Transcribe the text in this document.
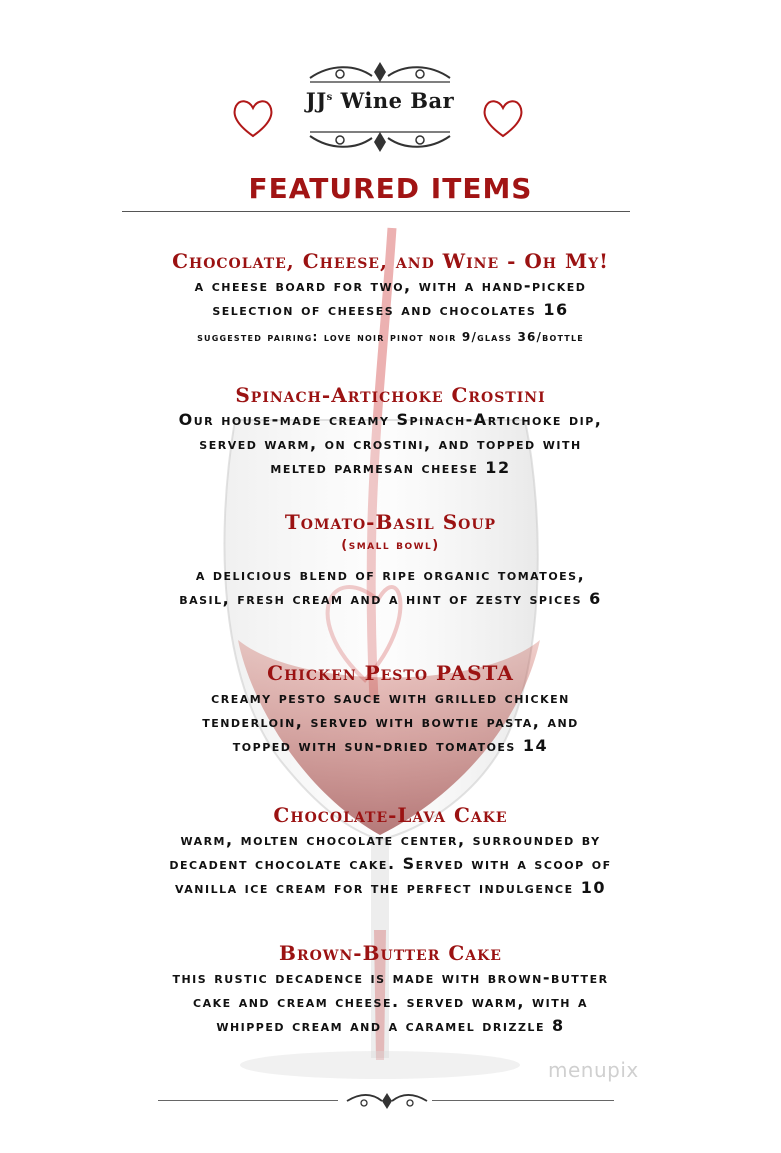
$JJ^s$ Wine Bar
FEATURED ITEMS
Chocolate, Cheese, and Wine - Oh My!
a cheese board for two, with a hand-picked
selection of cheeses and chocolates 16
suggested pairing: love noir pinot noir 9/glass 36/bottle
Spinach-Artichoke Crostini
Our house-made creamy Spinach-Artichoke dip,
served warm, on crostini, and topped with
melted parmesan cheese 12
Tomato-Basil Soup
(small bowl)
a delicious blend of ripe organic tomatoes,
basil, fresh cream and a hint of zesty spices 6
Chicken Pesto PASTA
creamy pesto sauce with grilled chicken
tenderloin, served with bowtie pasta, and
topped with sun-dried tomatoes 14
Chocolate-Lava Cake
warm, molten chocolate center, surrounded by
decadent chocolate cake. Served with a scoop of
vanilla ice cream for the perfect indulgence 10
Brown-Butter Cake
this rustic decadence is made with brown-butter
cake and cream cheese. served warm, with a
whipped cream and a caramel drizzle 8
menupix
